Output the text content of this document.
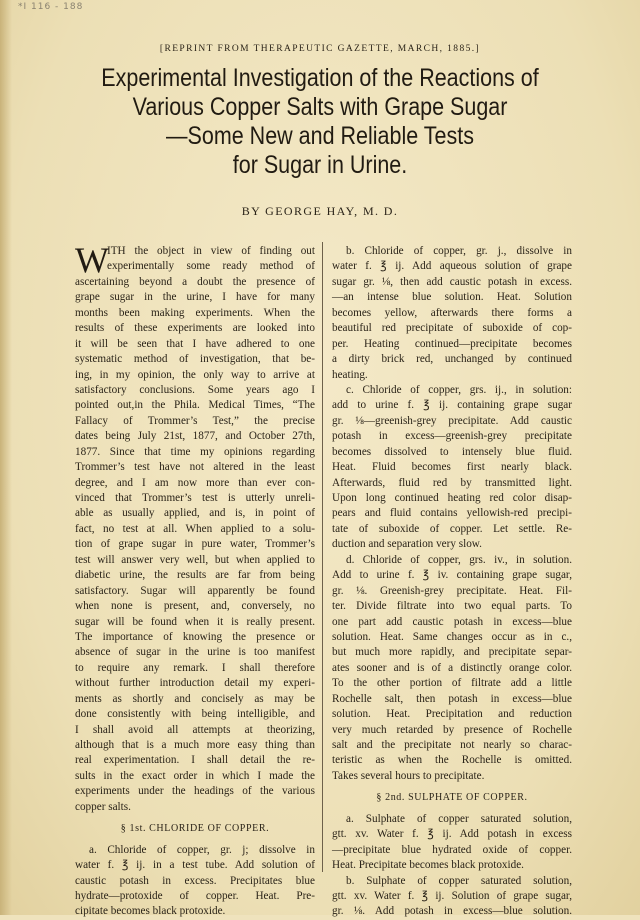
*I 116 - 188
[REPRINT FROM THERAPEUTIC GAZETTE, MARCH, 1885.]
Experimental Investigation of the Reactions of
Various Copper Salts with Grape Sugar
—Some New and Reliable Tests
for Sugar in Urine.
BY GEORGE HAY, M. D.
W
ITH the object in view of finding out
experimentally some ready method of
ascertaining beyond a doubt the presence of
grape sugar in the urine, I have for many
months been making experiments. When the
results of these experiments are looked into
it will be seen that I have adhered to one
systematic method of investigation, that be-
ing, in my opinion, the only way to arrive at
satisfactory conclusions. Some years ago I
pointed out,in the Phila. Medical Times, “The
Fallacy of Trommer’s Test,” the precise
dates being July 21st, 1877, and October 27th,
1877. Since that time my opinions regarding
Trommer’s test have not altered in the least
degree, and I am now more than ever con-
vinced that Trommer’s test is utterly unreli-
able as usually applied, and is, in point of
fact, no test at all. When applied to a solu-
tion of grape sugar in pure water, Trommer’s
test will answer very well, but when applied to
diabetic urine, the results are far from being
satisfactory. Sugar will apparently be found
when none is present, and, conversely, no
sugar will be found when it is really present.
The importance of knowing the presence or
absence of sugar in the urine is too manifest
to require any remark. I shall therefore
without further introduction detail my experi-
ments as shortly and concisely as may be
done consistently with being intelligible, and
I shall avoid all attempts at theorizing,
although that is a much more easy thing than
real experimentation. I shall detail the re-
sults in the exact order in which I made the
experiments under the headings of the various
copper salts.
§ 1st. CHLORIDE OF COPPER.
a. Chloride of copper, gr. j; dissolve in
water f. ℥ ij. in a test tube. Add solution of
caustic potash in excess. Precipitates blue
hydrate—protoxide of copper. Heat. Pre-
cipitate becomes black protoxide.
b. Chloride of copper, gr. j., dissolve in
water f. ℥ ij. Add aqueous solution of grape
sugar gr. ⅛, then add caustic potash in excess.
—an intense blue solution. Heat. Solution
becomes yellow, afterwards there forms a
beautiful red precipitate of suboxide of cop-
per. Heating continued—precipitate becomes
a dirty brick red, unchanged by continued
heating.
c. Chloride of copper, grs. ij., in solution:
add to urine f. ℥ ij. containing grape sugar
gr. ⅛—greenish-grey precipitate. Add caustic
potash in excess—greenish-grey precipitate
becomes dissolved to intensely blue fluid.
Heat. Fluid becomes first nearly black.
Afterwards, fluid red by transmitted light.
Upon long continued heating red color disap-
pears and fluid contains yellowish-red precipi-
tate of suboxide of copper. Let settle. Re-
duction and separation very slow.
d. Chloride of copper, grs. iv., in solution.
Add to urine f. ℥ iv. containing grape sugar,
gr. ⅛. Greenish-grey precipitate. Heat. Fil-
ter. Divide filtrate into two equal parts. To
one part add caustic potash in excess—blue
solution. Heat. Same changes occur as in c.,
but much more rapidly, and precipitate separ-
ates sooner and is of a distinctly orange color.
To the other portion of filtrate add a little
Rochelle salt, then potash in excess—blue
solution. Heat. Precipitation and reduction
very much retarded by presence of Rochelle
salt and the precipitate not nearly so charac-
teristic as when the Rochelle is omitted.
Takes several hours to precipitate.
§ 2nd. SULPHATE OF COPPER.
a. Sulphate of copper saturated solution,
gtt. xv. Water f. ℥ ij. Add potash in excess
—precipitate blue hydrated oxide of copper.
Heat. Precipitate becomes black protoxide.
b. Sulphate of copper saturated solution,
gtt. xv. Water f. ℥ ij. Solution of grape sugar,
gr. ⅛. Add potash in excess—blue solution.
